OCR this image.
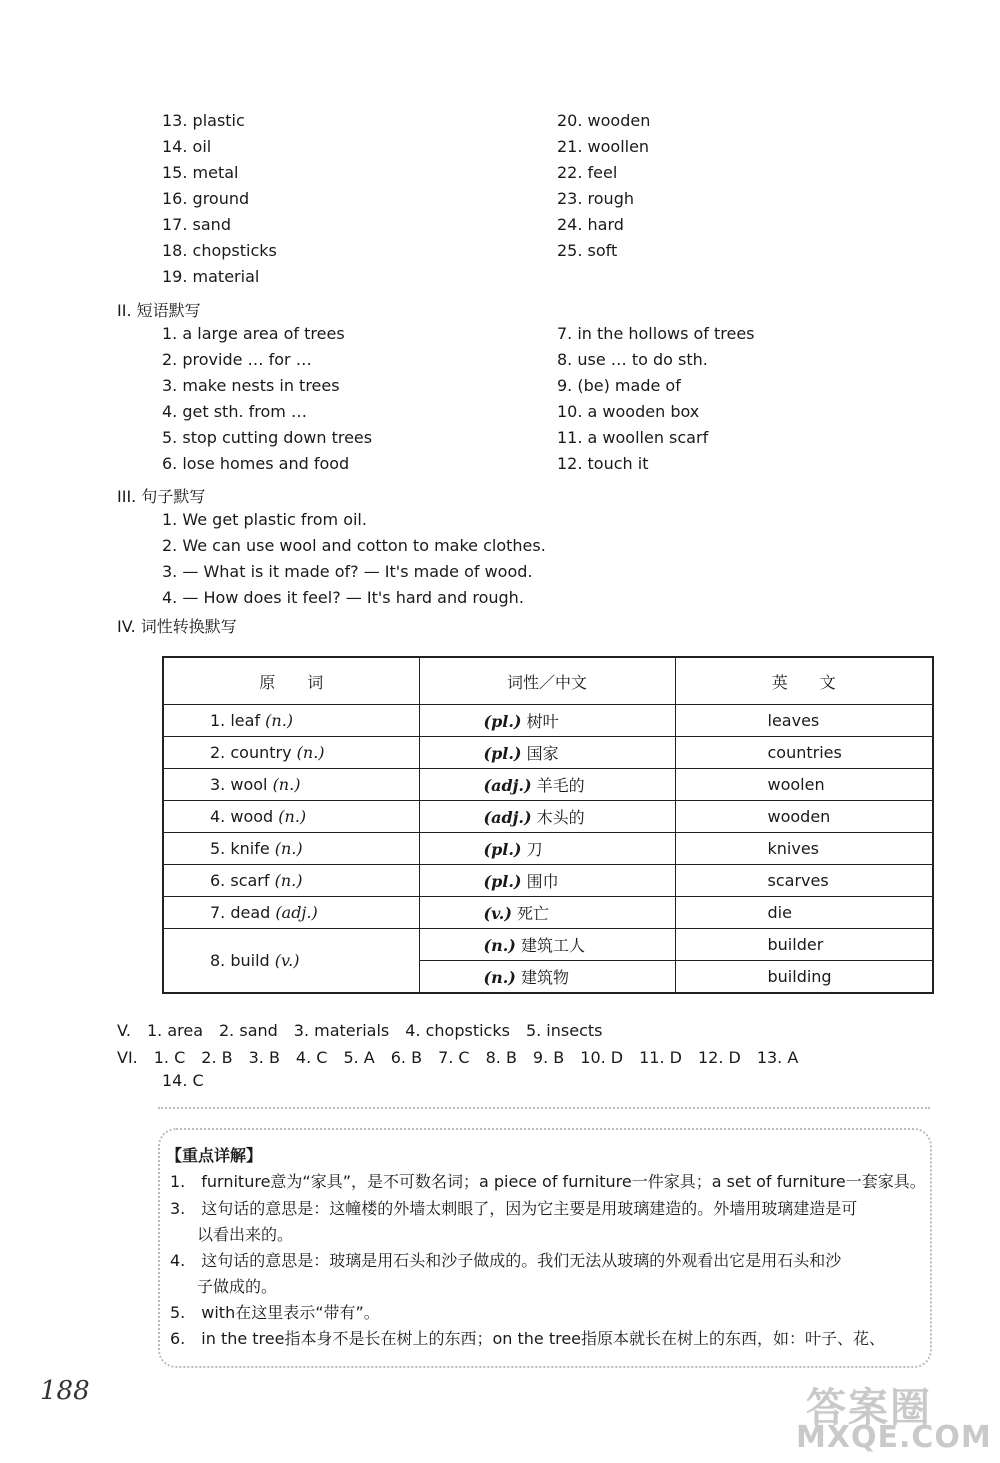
13. plastic
14. oil
15. metal
16. ground
17. sand
18. chopsticks
19. material
20. wooden
21. woollen
22. feel
23. rough
24. hard
25. soft
II. 短语默写
1. a large area of trees
2. provide … for …
3. make nests in trees
4. get sth. from …
5. stop cutting down trees
6. lose homes and food
7. in the hollows of trees
8. use … to do sth.
9. (be) made of
10. a wooden box
11. a woollen scarf
12. touch it
III. 句子默写
1. We get plastic from oil.
2. We can use wool and cotton to make clothes.
3. — What is it made of? — It's made of wood.
4. — How does it feel? — It's hard and rough.
IV. 词性转换默写
原　　词	词性／中文	英　　文
1. leaf (n.)	(pl.) 树叶	leaves
2. country (n.)	(pl.) 国家	countries
3. wool (n.)	(adj.) 羊毛的	woolen
4. wood (n.)	(adj.) 木头的	wooden
5. knife (n.)	(pl.) 刀	knives
6. scarf (n.)	(pl.) 围巾	scarves
7. dead (adj.)	(v.) 死亡	die
8. build (v.)	(n.) 建筑工人	builder
	(n.) 建筑物	building
V.　1. area　2. sand　3. materials　4. chopsticks　5. insects
VI.　1. C　2. B　3. B　4. C　5. A　6. B　7. C　8. B　9. B　10. D　11. D　12. D　13. A
14. C
【重点详解】
1.　furniture意为“家具”，是不可数名词；a piece of furniture一件家具；a set of furniture一套家具。
3.　这句话的意思是：这幢楼的外墙太刺眼了，因为它主要是用玻璃建造的。外墙用玻璃建造是可
以看出来的。
4.　这句话的意思是：玻璃是用石头和沙子做成的。我们无法从玻璃的外观看出它是用石头和沙
子做成的。
5.　with在这里表示“带有”。
6.　in the tree指本身不是长在树上的东西；on the tree指原本就长在树上的东西，如：叶子、花、
188	答案圈
MXQE.COM
